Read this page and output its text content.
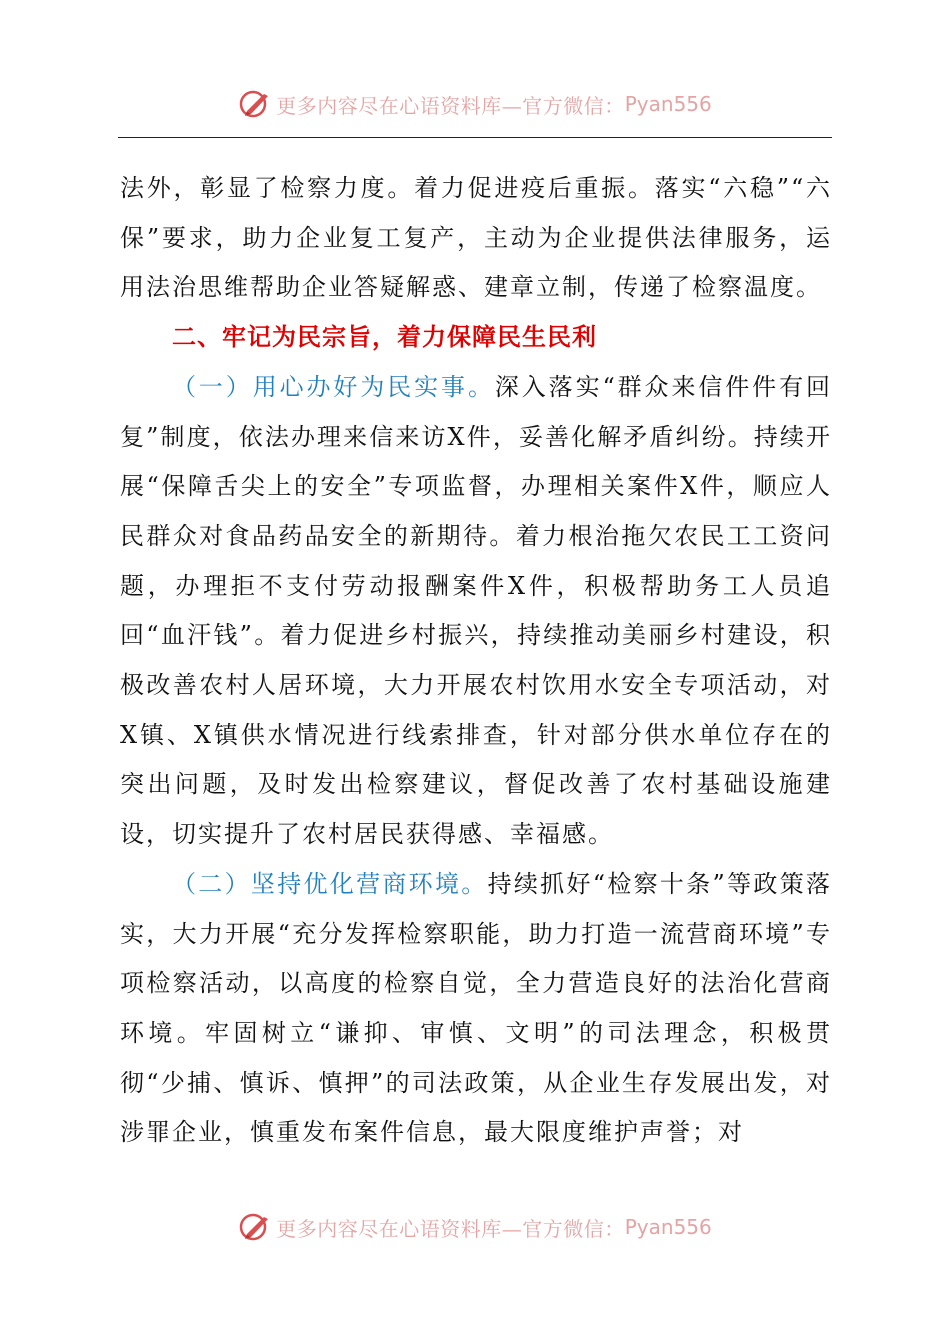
更多内容尽在心语资料库—官方微信： Pyan556

法外，彰显了检察力度。着力促进疫后重振。落实“六稳”“六保”要求，助力企业复工复产，主动为企业提供法律服务，运用法治思维帮助企业答疑解惑、建章立制，传递了检察温度。

二、牢记为民宗旨，着力保障民生民利

（一）用心办好为民实事。深入落实“群众来信件件有回复”制度，依法办理来信来访X件，妥善化解矛盾纠纷。持续开展“保障舌尖上的安全”专项监督，办理相关案件X件，顺应人民群众对食品药品安全的新期待。着力根治拖欠农民工工资问题，办理拒不支付劳动报酬案件X件，积极帮助务工人员追回“血汗钱”。着力促进乡村振兴，持续推动美丽乡村建设，积极改善农村人居环境，大力开展农村饮用水安全专项活动，对X镇、X镇供水情况进行线索排查，针对部分供水单位存在的突出问题，及时发出检察建议，督促改善了农村基础设施建设，切实提升了农村居民获得感、幸福感。

（二）坚持优化营商环境。持续抓好“检察十条”等政策落实，大力开展“充分发挥检察职能，助力打造一流营商环境”专项检察活动，以高度的检察自觉，全力营造良好的法治化营商环境。牢固树立“谦抑、审慎、文明”的司法理念，积极贯彻“少捕、慎诉、慎押”的司法政策，从企业生存发展出发，对涉罪企业，慎重发布案件信息，最大限度维护声誉；对

更多内容尽在心语资料库—官方微信： Pyan556
